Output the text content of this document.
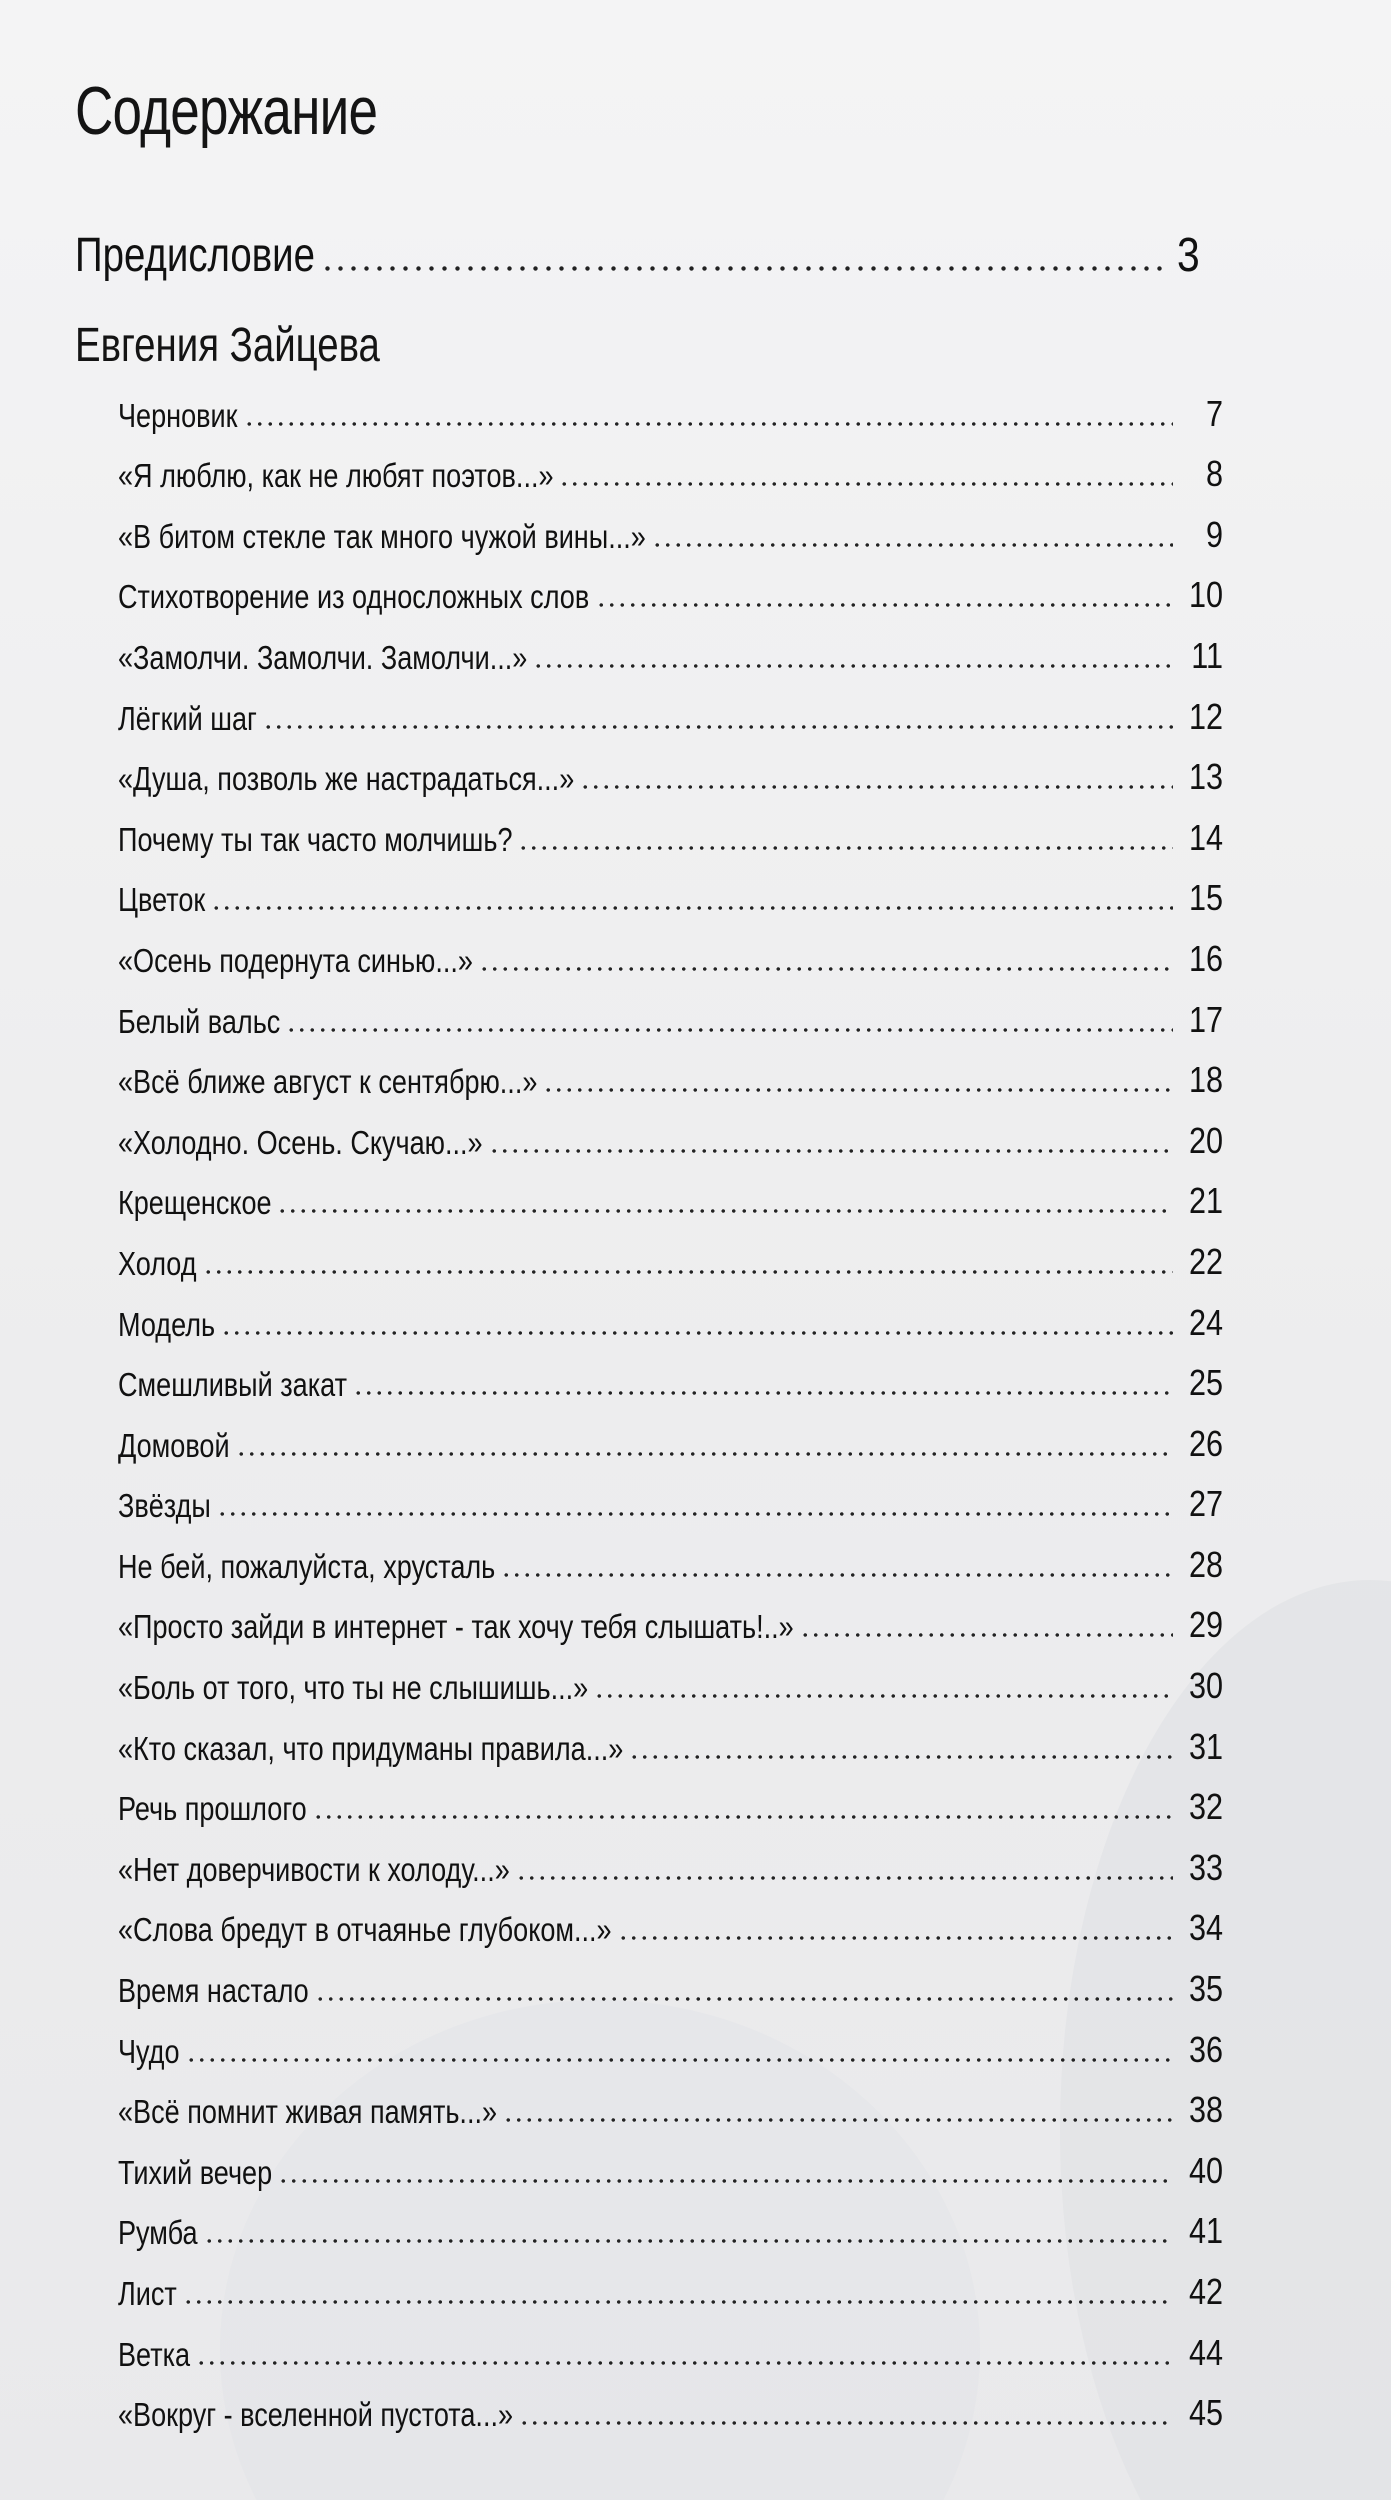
Содержание
Предисловие	3
Евгения Зайцева
Черновик	7
«Я люблю, как не любят поэтов...»	8
«В битом стекле так много чужой вины...»	9
Стихотворение из односложных слов	10
«Замолчи. Замолчи. Замолчи...»	11
Лёгкий шаг	12
«Душа, позволь же настрадаться...»	13
Почему ты так часто молчишь?	14
Цветок	15
«Осень подернута синью...»	16
Белый вальс	17
«Всё ближе август к сентябрю...»	18
«Холодно. Осень. Скучаю...»	20
Крещенское	21
Холод	22
Модель	24
Смешливый закат	25
Домовой	26
Звёзды	27
Не бей, пожалуйста, хрусталь	28
«Просто зайди в интернет - так хочу тебя слышать!..»	29
«Боль от того, что ты не слышишь...»	30
«Кто сказал, что придуманы правила...»	31
Речь прошлого	32
«Нет доверчивости к холоду...»	33
«Слова бредут в отчаянье глубоком...»	34
Время настало	35
Чудо	36
«Всё помнит живая память...»	38
Тихий вечер	40
Румба	41
Лист	42
Ветка	44
«Вокруг - вселенной пустота...»	45
